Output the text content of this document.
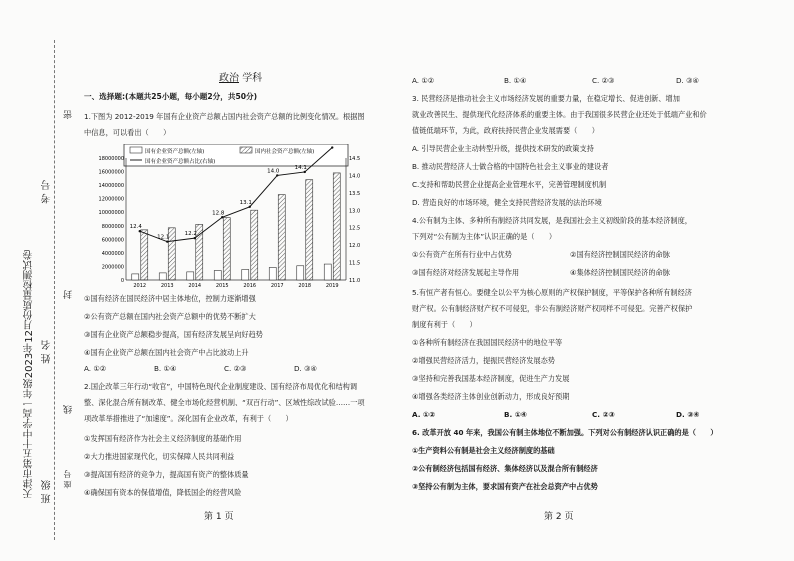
天津市第五十中学高一年级2023年12月份质量检测试卷 班 级
姓 名
考 号
座 号
密
封
线
政治 学科
一、选择题:(本题共25小题，每小题2分，共50分)
1.下图为 2012-2019 年国有企业资产总额占国内社会资产总额的比例变化情况。根据图
中信息，可以看出（　　）
国有企业资产总额(左轴)	国内社会资产总额(左轴)
国有企业资产总额占比(右轴)
18000000
16000000
14000000
12000000
10000000
8000000
6000000
4000000
2000000
0
14.5
14.0
13.5
13.0
12.5
12.0
11.5
11.0
2012	2013	2014	2015	2016	2017	2018	2019
12.4
12.1
12.2
12.8
13.1
14.0
14.1
①国有经济在国民经济中居主体地位，控制力逐渐增强
②公有资产总额在国内社会资产总额中的优势不断扩大
③国有企业资产总额稳步提高，国有经济发展呈向好趋势
④国有企业资产总额在国内社会资产中占比波动上升
A. ①②	B. ①④	C. ②③	D. ③④
2.国企改革三年行动“收官”，中国特色现代企业制度建设、国有经济布局优化和结构调
整、深化混合所有制改革、健全市场化经营机制、“双百行动”、区域性综改试验……一项
项改革举措推进了“加速度”。深化国有企业改革，有利于（　　）
①发挥国有经济作为社会主义经济制度的基础作用
②大力推进国家现代化，切实保障人民共同利益
③提高国有经济的竞争力，提高国有资产的整体质量
④确保国有资本的保值增值，降低国企的经营风险
第 1 页
A. ①②	B. ①④	C. ②③	D. ③④
3. 民营经济是推动社会主义市场经济发展的重要力量，在稳定增长、促进创新、增加
就业改善民生、提供现代化经济体系的重要主体。由于我国很多民营企业还处于低端产业和价
值链低端环节，为此，政府扶持民营企业发展需要（　　）
A. 引导民营企业主动转型升级，提供技术研发的政策支持
B. 推动民营经济人士做合格的中国特色社会主义事业的建设者
C.支持和帮助民营企业提高企业管理水平，完善管理制度机制
D. 营造良好的市场环境，健全支持民营经济发展的法治环境
4.公有制为主体、多种所有制经济共同发展，是我国社会主义初级阶段的基本经济制度，
下列对“公有制为主体”认识正确的是（　　）
①公有资产在所有行业中占优势	②国有经济控制国民经济的命脉
③国有经济对经济发展起主导作用	④集体经济控制国民经济的命脉
5.有恒产者有恒心。要健全以公平为核心原则的产权保护制度，平等保护各种所有制经济
财产权。公有制经济财产权不可侵犯，非公有制经济财产权同样不可侵犯。完善产权保护
制度有利于（　　）
①各种所有制经济在我国国民经济中的地位平等
②增强民营经济活力，提振民营经济发展态势
③坚持和完善我国基本经济制度，促进生产力发展
④增强各类经济主体创业创新动力，形成良好预期
A. ①②	B. ①④	C. ②③	D. ③④
6. 改革开放 40 年来，我国公有制主体地位不断加强。下列对公有制经济认识正确的是（　　）
①生产资料公有制是社会主义经济制度的基础
②公有制经济包括国有经济、集体经济以及混合所有制经济
③坚持公有制为主体，要求国有资产在社会总资产中占优势
第 2 页
